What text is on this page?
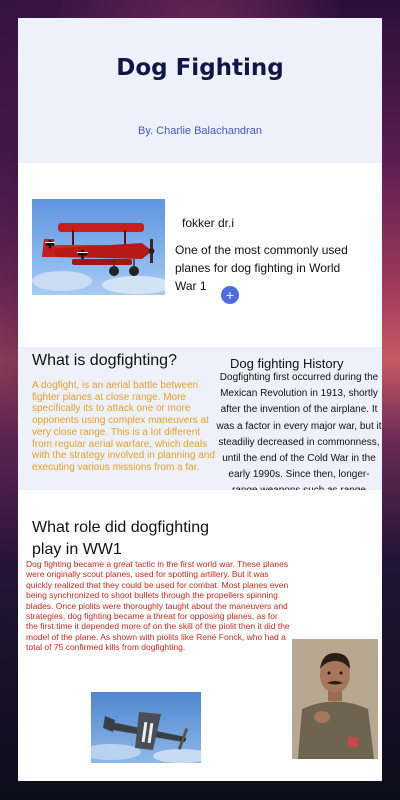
Dog Fighting
By. Charlie Balachandran
fokker dr.i
One of the most commonly used planes for dog fighting in World War 1
+
What is dogfighting?
A dogfight, is an aerial battle between fighter planes at close range. More specifically its to attack one or more opponents using complex maneuvers at very close range. This is a lot different from regular aerial warfare, which deals with the strategy involved in planning and executing various missions from a far.
Dog fighting History
Dogfighting first occurred during the Mexican Revolution in 1913, shortly after the invention of the airplane. It was a factor in every major war, but it steadiliy decreased in commonness, until the end of the Cold War in the early 1990s. Since then, longer-
What role did dogfighting play in WW1
Dog fighting became a great tactic in the first world war. These planes were originally scout planes, used for spotting artillery. But it was quickly realized that they could be used for combat. Most planes even being synchronized to shoot bullets through the propellers spinning blades. Once piolits were thoroughly taught about the maneuvers and strategies, dog fighting became a threat for opposing planes, as for the first time it depended more of on the skill of the piolit then it did the model of the plane. As shown with piolits like René Fonck, who had a total of 75 confirmed kills from dogfighting.
